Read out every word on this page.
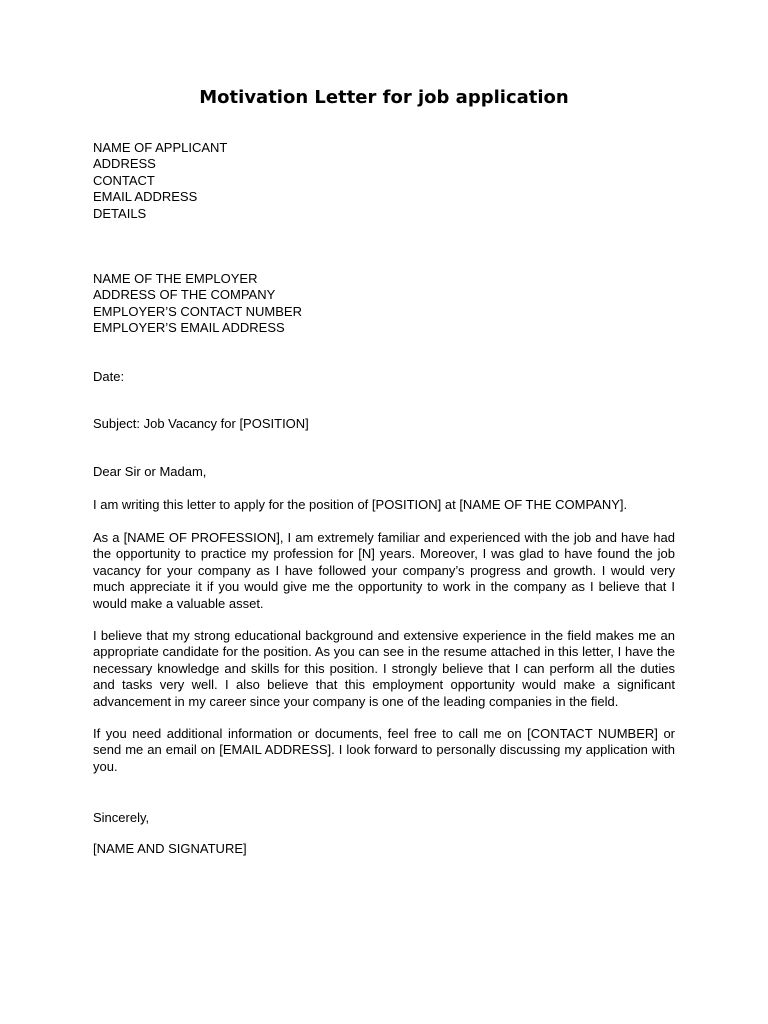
Motivation Letter for job application
NAME OF APPLICANT
ADDRESS
CONTACT
EMAIL ADDRESS
DETAILS
NAME OF THE EMPLOYER
ADDRESS OF THE COMPANY
EMPLOYER’S CONTACT NUMBER
EMPLOYER’S EMAIL ADDRESS
Date:
Subject: Job Vacancy for [POSITION]
Dear Sir or Madam,
I am writing this letter to apply for the position of [POSITION] at [NAME OF THE COMPANY].
As a [NAME OF PROFESSION], I am extremely familiar and experienced with the job and have had the opportunity to practice my profession for [N] years. Moreover, I was glad to have found the job vacancy for your company as I have followed your company’s progress and growth. I would very much appreciate it if you would give me the opportunity to work in the company as I believe that I would make a valuable asset.
I believe that my strong educational background and extensive experience in the field makes me an appropriate candidate for the position. As you can see in the resume attached in this letter, I have the necessary knowledge and skills for this position. I strongly believe that I can perform all the duties and tasks very well. I also believe that this employment opportunity would make a significant advancement in my career since your company is one of the leading companies in the field.
If you need additional information or documents, feel free to call me on [CONTACT NUMBER] or send me an email on [EMAIL ADDRESS]. I look forward to personally discussing my application with you.
Sincerely,
[NAME AND SIGNATURE]
